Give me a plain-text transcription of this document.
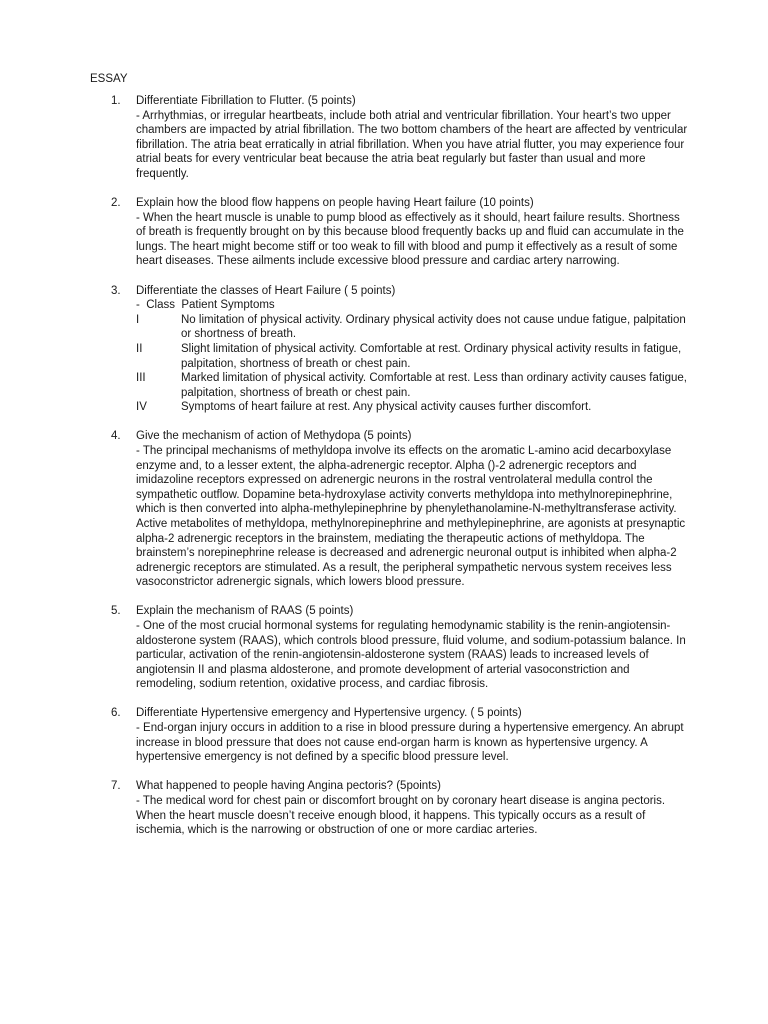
ESSAY
1. Differentiate Fibrillation to Flutter. (5 points)
- Arrhythmias, or irregular heartbeats, include both atrial and ventricular fibrillation. Your heart’s two upper chambers are impacted by atrial fibrillation. The two bottom chambers of the heart are affected by ventricular fibrillation. The atria beat erratically in atrial fibrillation. When you have atrial flutter, you may experience four atrial beats for every ventricular beat because the atria beat regularly but faster than usual and more frequently.
2. Explain how the blood flow happens on people having Heart failure (10 points)
- When the heart muscle is unable to pump blood as effectively as it should, heart failure results. Shortness of breath is frequently brought on by this because blood frequently backs up and fluid can accumulate in the lungs. The heart might become stiff or too weak to fill with blood and pump it effectively as a result of some heart diseases. These ailments include excessive blood pressure and cardiac artery narrowing.
3. Differentiate the classes of Heart Failure ( 5 points)
-  Class  Patient Symptoms
I	No limitation of physical activity. Ordinary physical activity does not cause undue fatigue, palpitation or shortness of breath.
II	Slight limitation of physical activity. Comfortable at rest. Ordinary physical activity results in fatigue, palpitation, shortness of breath or chest pain.
III	Marked limitation of physical activity. Comfortable at rest. Less than ordinary activity causes fatigue, palpitation, shortness of breath or chest pain.
IV	Symptoms of heart failure at rest. Any physical activity causes further discomfort.
4. Give the mechanism of action of Methydopa (5 points)
- The principal mechanisms of methyldopa involve its effects on the aromatic L-amino acid decarboxylase enzyme and, to a lesser extent, the alpha-adrenergic receptor. Alpha ()-2 adrenergic receptors and imidazoline receptors expressed on adrenergic neurons in the rostral ventrolateral medulla control the sympathetic outflow. Dopamine beta-hydroxylase activity converts methyldopa into methylnorepinephrine, which is then converted into alpha-methylepinephrine by phenylethanolamine-N-methyltransferase activity. Active metabolites of methyldopa, methylnorepinephrine and methylepinephrine, are agonists at presynaptic alpha-2 adrenergic receptors in the brainstem, mediating the therapeutic actions of methyldopa. The brainstem’s norepinephrine release is decreased and adrenergic neuronal output is inhibited when alpha-2 adrenergic receptors are stimulated. As a result, the peripheral sympathetic nervous system receives less vasoconstrictor adrenergic signals, which lowers blood pressure.
5. Explain the mechanism of RAAS (5 points)
- One of the most crucial hormonal systems for regulating hemodynamic stability is the renin-angiotensin-aldosterone system (RAAS), which controls blood pressure, fluid volume, and sodium-potassium balance. In particular, activation of the renin-angiotensin-aldosterone system (RAAS) leads to increased levels of angiotensin II and plasma aldosterone, and promote development of arterial vasoconstriction and remodeling, sodium retention, oxidative process, and cardiac fibrosis.
6. Differentiate Hypertensive emergency and Hypertensive urgency. ( 5 points)
- End-organ injury occurs in addition to a rise in blood pressure during a hypertensive emergency. An abrupt increase in blood pressure that does not cause end-organ harm is known as hypertensive urgency. A hypertensive emergency is not defined by a specific blood pressure level.
7. What happened to people having Angina pectoris? (5points)
- The medical word for chest pain or discomfort brought on by coronary heart disease is angina pectoris. When the heart muscle doesn’t receive enough blood, it happens. This typically occurs as a result of ischemia, which is the narrowing or obstruction of one or more cardiac arteries.
